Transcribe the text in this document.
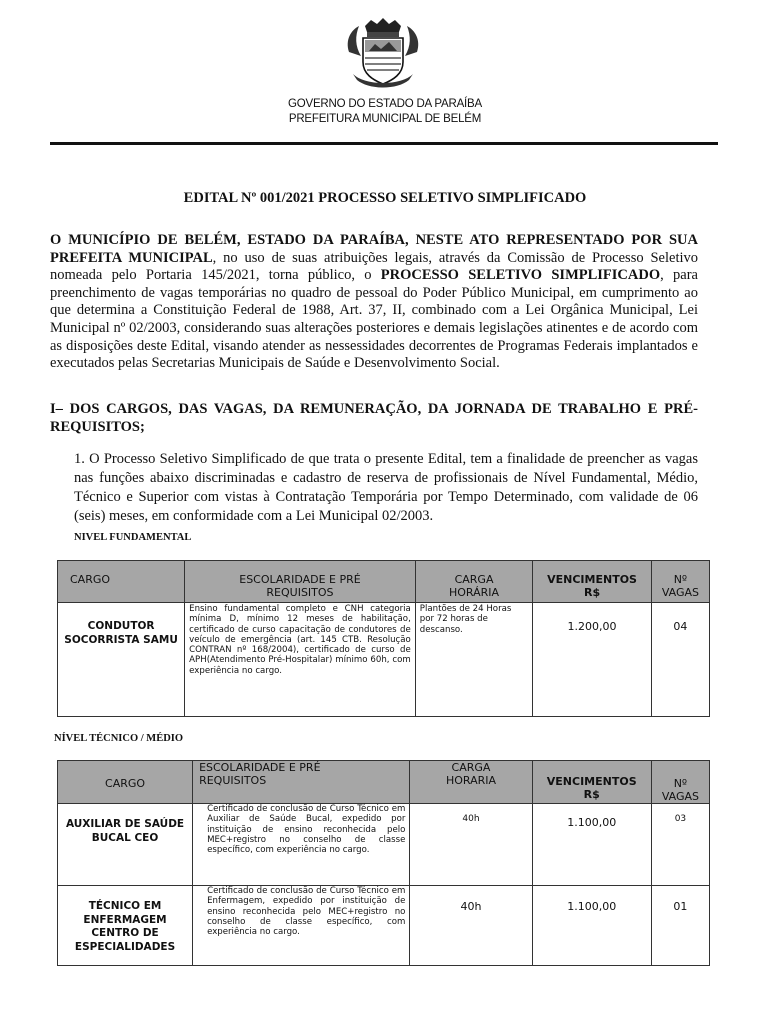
GOVERNO DO ESTADO DA PARAÍBA
PREFEITURA MUNICIPAL DE BELÉM
EDITAL Nº 001/2021 PROCESSO SELETIVO SIMPLIFICADO
O MUNICÍPIO DE BELÉM, ESTADO DA PARAÍBA, NESTE ATO REPRESENTADO POR SUA PREFEITA MUNICIPAL, no uso de suas atribuições legais, através da Comissão de Processo Seletivo nomeada pelo Portaria 145/2021, torna público, o PROCESSO SELETIVO SIMPLIFICADO, para preenchimento de vagas temporárias no quadro de pessoal do Poder Público Municipal, em cumprimento ao que determina a Constituição Federal de 1988, Art. 37, II, combinado com a Lei Orgânica Municipal, Lei Municipal nº 02/2003, considerando suas alterações posteriores e demais legislações atinentes e de acordo com as disposições deste Edital, visando atender as nessessidades decorrentes de Programas Federais implantados e executados pelas Secretarias Municipais de Saúde e Desenvolvimento Social.
I– DOS CARGOS, DAS VAGAS, DA REMUNERAÇÃO, DA JORNADA DE TRABALHO E PRÉ-REQUISITOS;
1. O Processo Seletivo Simplificado de que trata o presente Edital, tem a finalidade de preencher as vagas nas funções abaixo discriminadas e cadastro de reserva de profissionais de Nível Fundamental, Médio, Técnico e Superior com vistas à Contratação Temporária por Tempo Determinado, com validade de 06 (seis) meses, em conformidade com a Lei Municipal 02/2003.
NIVEL FUNDAMENTAL
CARGO	ESCOLARIDADE E PRÉ REQUISITOS	CARGA HORÁRIA	VENCIMENTOS R$	Nº VAGAS
CONDUTOR SOCORRISTA SAMU	Ensino fundamental completo e CNH categoria mínima D, mínimo 12 meses de habilitação, certificado de curso capacitação de condutores de veículo de emergência (art. 145 CTB. Resolução CONTRAN nº 168/2004), certificado de curso de APH(Atendimento Pré-Hospitalar) mínimo 60h, com experiência no cargo.	Plantões de 24 Horas por 72 horas de descanso.	1.200,00	04
NÍVEL TÉCNICO / MÉDIO
CARGO	ESCOLARIDADE E PRÉ REQUISITOS	CARGA HORARIA	VENCIMENTOS R$	Nº VAGAS
AUXILIAR DE SAÚDE BUCAL CEO	Certificado de conclusão de Curso Técnico em Auxiliar de Saúde Bucal, expedido por instituição de ensino reconhecida pelo MEC+registro no conselho de classe específico, com experiência no cargo.	40h	1.100,00	03
TÉCNICO EM ENFERMAGEM CENTRO DE ESPECIALIDADES	Certificado de conclusão de Curso Técnico em Enfermagem, expedido por instituição de ensino reconhecida pelo MEC+registro no conselho de classe específico, com experiência no cargo.	40h	1.100,00	01
